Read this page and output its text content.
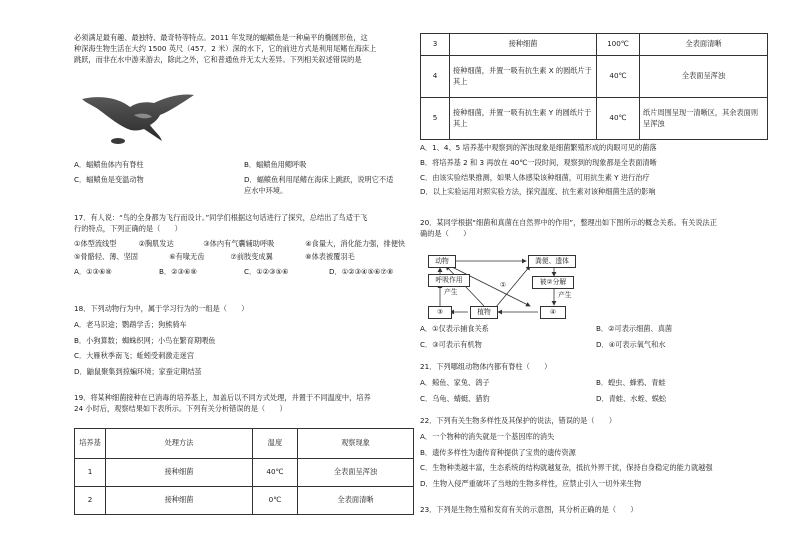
必须满足最有趣、最独特、最奇特等特点。2011 年发现的蝠鲼鱼是一种扁平的椭圆形鱼，这

种深海生物生活在大约 1500 英尺（457．2 米）深的水下，它的前进方式是利用尾鳍在海床上

跳跃，而非在水中游来游去，除此之外，它和普通鱼并无太大差异。下列相关叙述错误的是

A．蝠鲼鱼体内有脊柱	B．蝠鲼鱼用鳃呼吸
C．蝠鲼鱼是变温动物	D．蝠鲼鱼利用尾鳍在海床上跳跃，说明它不适
应水中环境。

17．有人说：“鸟的全身都为飞行而设计。”同学们根据这句话进行了探究，总结出了鸟适于飞

行的特点，下列正确的是（　　）

①体型流线型	②胸肌发达	③体内有气囊辅助呼吸	④食量大，消化能力强，排便快
⑤骨骼轻、薄、坚固	⑥有喙无齿	⑦前肢变成翼	⑧体表被覆羽毛
A．①③⑥⑧	B．②③⑥⑧	C．①②③⑤⑥	D．①②③④⑤⑥⑦⑧

18．下列动物行为中，属于学习行为的一组是（　　）

A．老马识途；鹦鹉学舌；狗熊骑车

B．小狗算数；蜘蛛织网；小鸟在繁育期喂鱼

C．大雁秋季南飞；蚯蚓受刺激走迷宫

D．鼬鼠聚集到掠蝙环境；家蚕定期结茧

19．将某种细菌接种在已消毒的培养基上，加盖后以不同方式处理，并置于不同温度中，培养

24 小时后，观察结果如下表所示。下列有关分析错误的是（　　）

培养基	处理方法	温度	观察现象
1	接种细菌	40℃	全表面呈浑浊
2	接种细菌	0℃	全表面清晰
3	接种细菌	100℃	全表面清晰
4	接种细菌，并置一吸有抗生素 X 的圆纸片于其上	40℃	全表面呈浑浊
5	接种细菌，并置一吸有抗生素 Y 的圆纸片于其上	40℃	纸片周围呈现一清晰区，其余表面则呈浑浊

A．1、4、5 培养基中观察到的浑浊现象是细菌繁殖形成的肉眼可见的菌落

B．将培养基 2 和 3 再放在 40℃一段时间，观察到的现象都是全表面清晰

C．由该实验结果推测，如果人体感染该种细菌，可用抗生素 Y 进行治疗

D．以上实验运用对照实验方法，探究温度、抗生素对该种细菌生活的影响

20．某同学根据“细菌和真菌在自然界中的作用”，整理出如下图所示的概念关系。有关说法正

确的是（　　）

动物
呼吸作用
产生
③	植物
①
粪便、遗体
被②分解
产生
④
A．①仅表示捕食关系	B．②可表示细菌、真菌
C．③可表示有机物	D．④可表示氧气和水

21．下列哪组动物体内都有脊柱（　　）

A．鲸鱼、家兔、鸽子	B．蝗虫、蜂鸦、青蛙
C．乌龟、蜻蜓、猎豹	D．青蛙、水蛭、蜈蚣

22．下列有关生物多样性及其保护的说法，错误的是（　　）

A．一个物种的消失就是一个基因库的消失

B．遗传多样性为遗传育种提供了宝贵的遗传资源

C．生物种类越丰富，生态系统的结构就越复杂，抵抗外界干扰，保持自身稳定的能力就越强

D．生物入侵严重破坏了当地的生物多样性，应禁止引入一切外来生物

23．下列是生物生殖和发育有关的示意图，其分析正确的是（　　）
